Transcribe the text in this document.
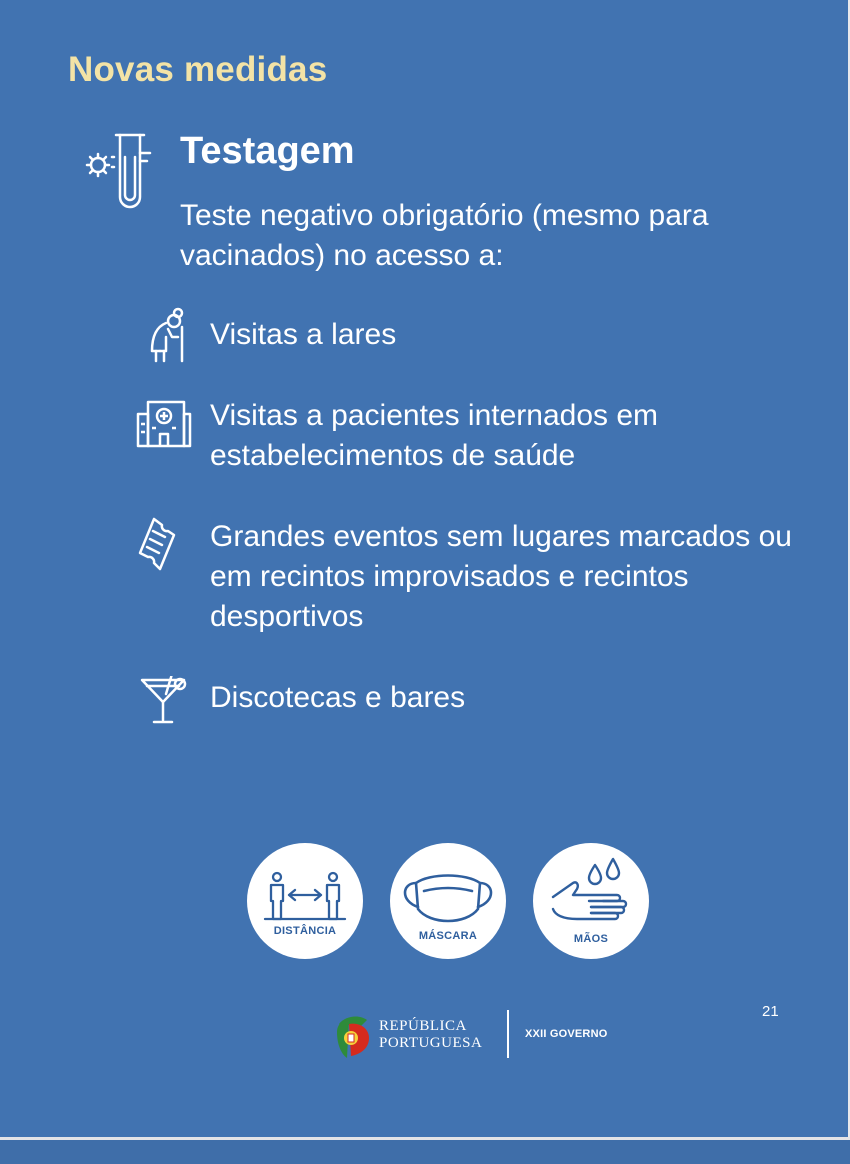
Novas medidas
Testagem
Teste negativo obrigatório (mesmo para vacinados) no acesso a:
Visitas a lares
Visitas a pacientes internados em estabelecimentos de saúde
Grandes eventos sem lugares marcados ou em recintos improvisados e recintos desportivos
Discotecas e bares
DISTÂNCIA	MÁSCARA	MÃOS
21
REPÚBLICA
PORTUGUESA
XXII GOVERNO
